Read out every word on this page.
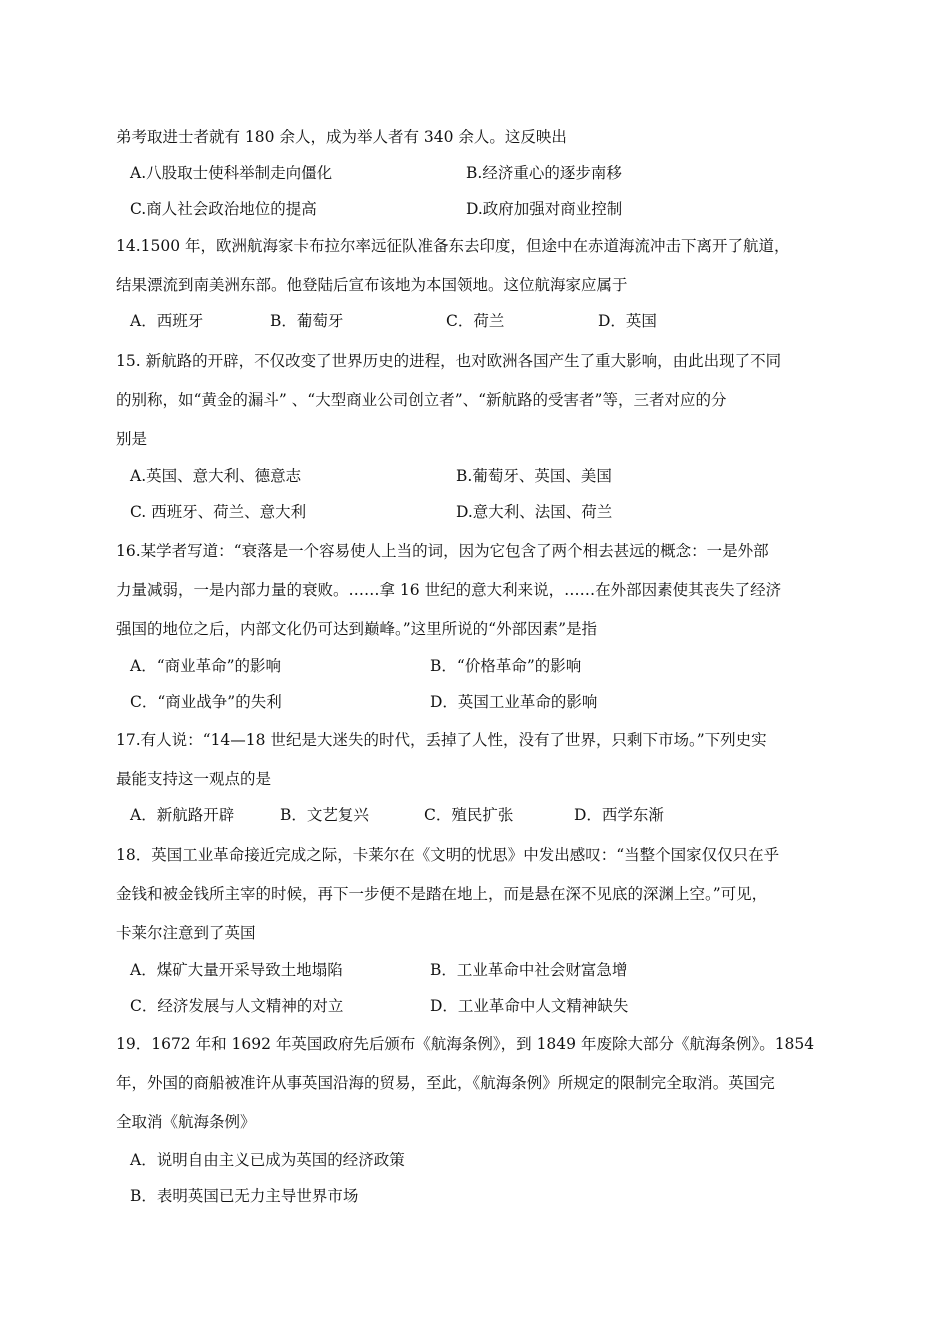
弟考取进士者就有 180 余人，成为举人者有 340 余人。这反映出
A.八股取士使科举制走向僵化	B.经济重心的逐步南移
C.商人社会政治地位的提高	D.政府加强对商业控制
14.1500 年，欧洲航海家卡布拉尔率远征队准备东去印度，但途中在赤道海流冲击下离开了航道，
结果漂流到南美洲东部。他登陆后宣布该地为本国领地。这位航海家应属于
A．西班牙	B．葡萄牙	C．荷兰	D．英国
15. 新航路的开辟，不仅改变了世界历史的进程，也对欧洲各国产生了重大影响，由此出现了不同
的别称，如“黄金的漏斗” 、“大型商业公司创立者”、“新航路的受害者”等，三者对应的分
别是
A.英国、意大利、德意志	B.葡萄牙、英国、美国
C. 西班牙、荷兰、意大利	D.意大利、法国、荷兰
16.某学者写道：“衰落是一个容易使人上当的词，因为它包含了两个相去甚远的概念：一是外部
力量减弱，一是内部力量的衰败。……拿 16 世纪的意大利来说，……在外部因素使其丧失了经济
强国的地位之后，内部文化仍可达到巅峰。”这里所说的“外部因素”是指
A．“商业革命”的影响	B．“价格革命”的影响
C．“商业战争”的失利	D．英国工业革命的影响
17.有人说：“14—18 世纪是大迷失的时代，丢掉了人性，没有了世界，只剩下市场。”下列史实
最能支持这一观点的是
A．新航路开辟	B．文艺复兴	C．殖民扩张	D．西学东渐
18．英国工业革命接近完成之际，卡莱尔在《文明的忧思》中发出感叹：“当整个国家仅仅只在乎
金钱和被金钱所主宰的时候，再下一步便不是踏在地上，而是悬在深不见底的深渊上空。”可见，
卡莱尔注意到了英国
A．煤矿大量开采导致土地塌陷	B．工业革命中社会财富急增
C．经济发展与人文精神的对立	D．工业革命中人文精神缺失
19．1672 年和 1692 年英国政府先后颁布《航海条例》，到 1849 年废除大部分《航海条例》。1854
年，外国的商船被准许从事英国沿海的贸易，至此，《航海条例》所规定的限制完全取消。英国完
全取消《航海条例》
A．说明自由主义已成为英国的经济政策
B．表明英国已无力主导世界市场
